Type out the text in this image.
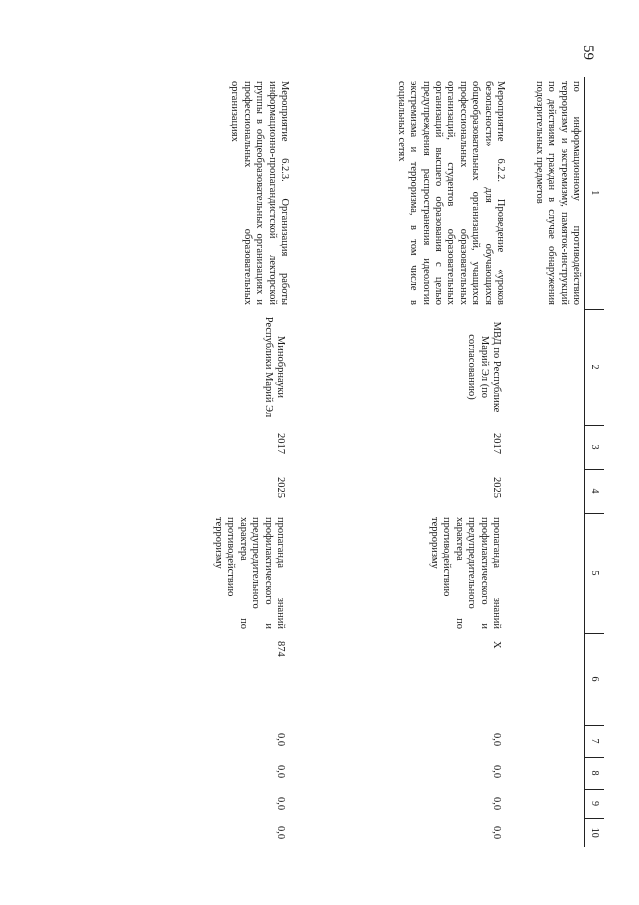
59
1	2	3	4	5	6	7	8	9	10
по информационному противодействию терроризму и экстремизму, памяток-инструкций по действиям граждан в случае обнаружения подозрительных предметов									
Мероприятие 6.2.2. Проведение «уроков безопасности» для обучающихся общеобразовательных организаций, учащихся профессиональных образовательных организаций, студентов образовательных организаций высшего образования с целью предупреждения распространения идеологии экстремизма и терроризма, в том числе в социальных сетях	МВД по Республике Марий Эл (по согласованию)	2017	2025	пропаганда знаний профилактического и предупредительного характера по противодействию терроризму	Х	0,0	0,0	0,0	0,0
Мероприятие 6.2.3. Организация работы информационно-пропагандистской лекторской группы в общеобразовательных организациях и профессиональных образовательных организациях	Минобрнауки Республики Марий Эл	2017	2025	пропаганда знаний профилактического и предупредительного характера по противодействию терроризму	874	0,0	0,0	0,0	0,0
